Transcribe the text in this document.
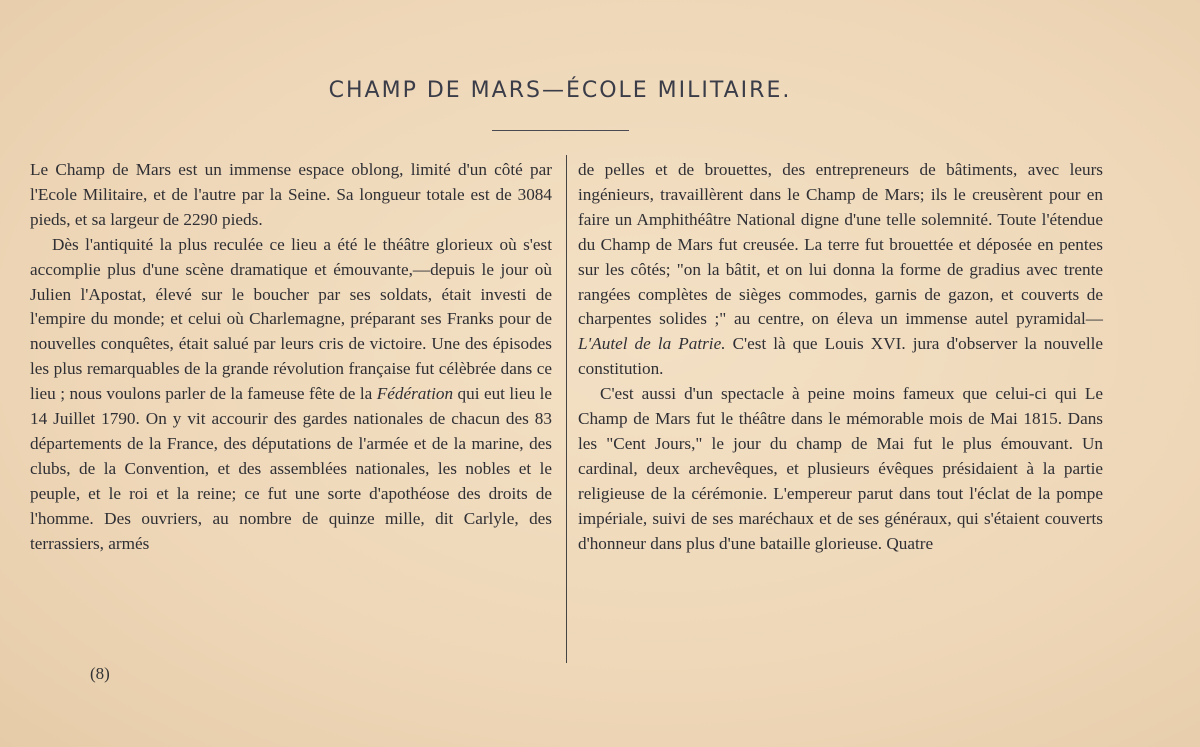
CHAMP DE MARS—ÉCOLE MILITAIRE.

Le Champ de Mars est un immense espace oblong, limité d'un côté par l'Ecole Militaire, et de l'autre par la Seine. Sa longueur totale est de 3084 pieds, et sa largeur de 2290 pieds.

Dès l'antiquité la plus reculée ce lieu a été le théâtre glorieux où s'est accomplie plus d'une scène dramatique et émouvante,—depuis le jour où Julien l'Apostat, élevé sur le boucher par ses soldats, était investi de l'empire du monde; et celui où Charlemagne, préparant ses Franks pour de nouvelles conquêtes, était salué par leurs cris de victoire. Une des épisodes les plus remarquables de la grande révolution française fut célèbrée dans ce lieu ; nous voulons parler de la fameuse fête de la Fédération qui eut lieu le 14 Juillet 1790. On y vit accourir des gardes nationales de chacun des 83 départements de la France, des députations de l'armée et de la marine, des clubs, de la Convention, et des assemblées nationales, les nobles et le peuple, et le roi et la reine; ce fut une sorte d'apothéose des droits de l'homme. Des ouvriers, au nombre de quinze mille, dit Carlyle, des terrassiers, armés

de pelles et de brouettes, des entrepreneurs de bâtiments, avec leurs ingénieurs, travaillèrent dans le Champ de Mars; ils le creusèrent pour en faire un Amphithéâtre National digne d'une telle solemnité. Toute l'étendue du Champ de Mars fut creusée. La terre fut brouettée et déposée en pentes sur les côtés; "on la bâtit, et on lui donna la forme de gradius avec trente rangées complètes de sièges commodes, garnis de gazon, et couverts de charpentes solides ;" au centre, on éleva un immense autel pyramidal—L'Autel de la Patrie. C'est là que Louis XVI. jura d'observer la nouvelle constitution.

C'est aussi d'un spectacle à peine moins fameux que celui-ci qui Le Champ de Mars fut le théâtre dans le mémorable mois de Mai 1815. Dans les "Cent Jours," le jour du champ de Mai fut le plus émouvant. Un cardinal, deux archevêques, et plusieurs évêques présidaient à la partie religieuse de la cérémonie. L'empereur parut dans tout l'éclat de la pompe impériale, suivi de ses maréchaux et de ses généraux, qui s'étaient couverts d'honneur dans plus d'une bataille glorieuse. Quatre

(8)
